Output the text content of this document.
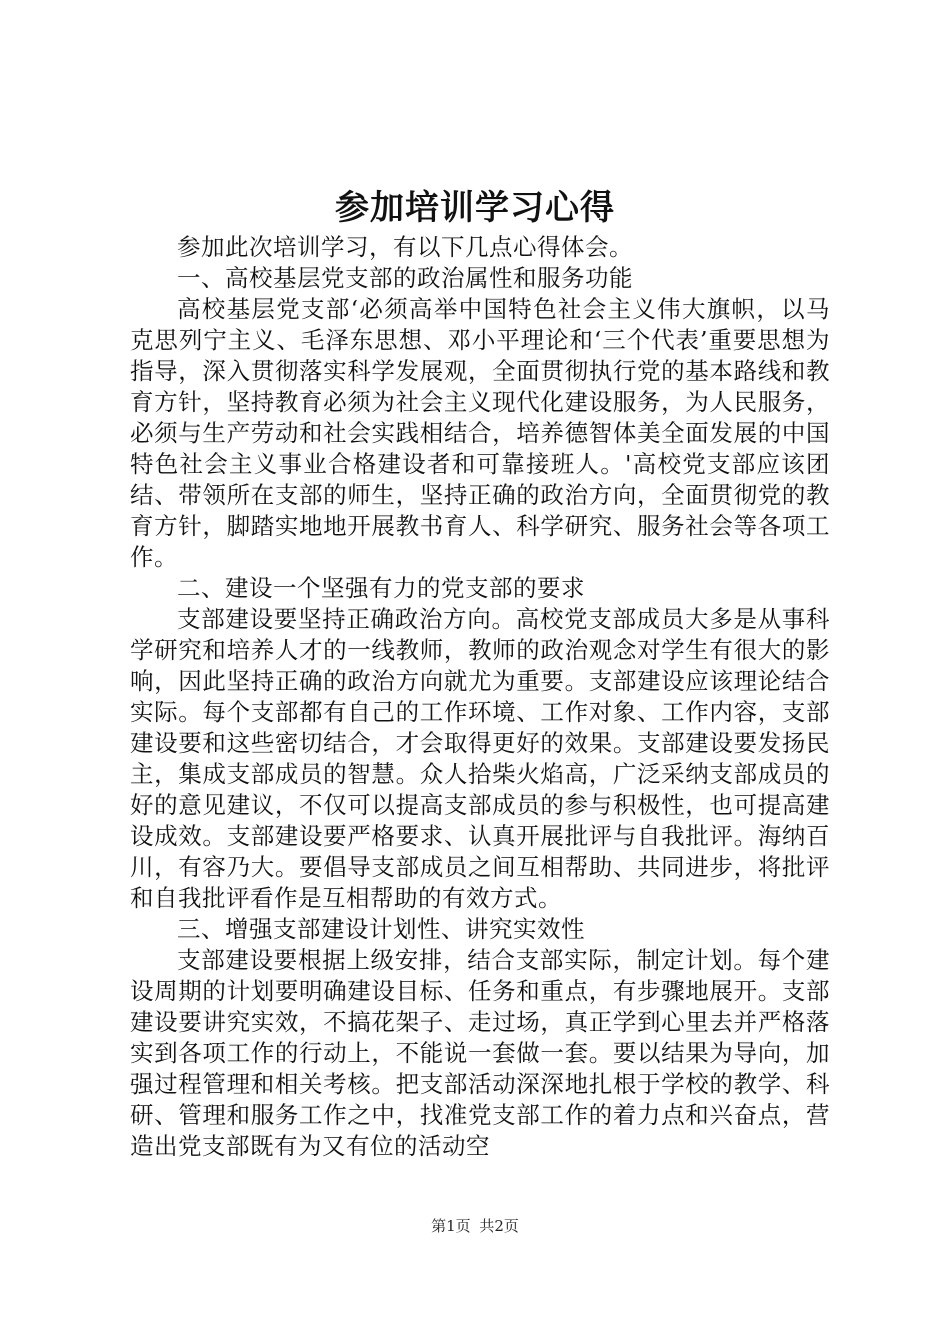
参加培训学习心得

参加此次培训学习，有以下几点心得体会。

一、高校基层党支部的政治属性和服务功能

高校基层党支部‘必须高举中国特色社会主义伟大旗帜，以马克思列宁主义、毛泽东思想、邓小平理论和‘三个代表’重要思想为指导，深入贯彻落实科学发展观，全面贯彻执行党的基本路线和教育方针，坚持教育必须为社会主义现代化建设服务，为人民服务，必须与生产劳动和社会实践相结合，培养德智体美全面发展的中国特色社会主义事业合格建设者和可靠接班人。'高校党支部应该团结、带领所在支部的师生，坚持正确的政治方向，全面贯彻党的教育方针，脚踏实地地开展教书育人、科学研究、服务社会等各项工作。

二、建设一个坚强有力的党支部的要求

支部建设要坚持正确政治方向。高校党支部成员大多是从事科学研究和培养人才的一线教师，教师的政治观念对学生有很大的影响，因此坚持正确的政治方向就尤为重要。支部建设应该理论结合实际。每个支部都有自己的工作环境、工作对象、工作内容，支部建设要和这些密切结合，才会取得更好的效果。支部建设要发扬民主，集成支部成员的智慧。众人拾柴火焰高，广泛采纳支部成员的好的意见建议，不仅可以提高支部成员的参与积极性，也可提高建设成效。支部建设要严格要求、认真开展批评与自我批评。海纳百川，有容乃大。要倡导支部成员之间互相帮助、共同进步，将批评和自我批评看作是互相帮助的有效方式。

三、增强支部建设计划性、讲究实效性

支部建设要根据上级安排，结合支部实际，制定计划。每个建设周期的计划要明确建设目标、任务和重点，有步骤地展开。支部建设要讲究实效，不搞花架子、走过场，真正学到心里去并严格落实到各项工作的行动上，不能说一套做一套。要以结果为导向，加强过程管理和相关考核。把支部活动深深地扎根于学校的教学、科研、管理和服务工作之中，找准党支部工作的着力点和兴奋点，营造出党支部既有为又有位的活动空

第1页 共2页
